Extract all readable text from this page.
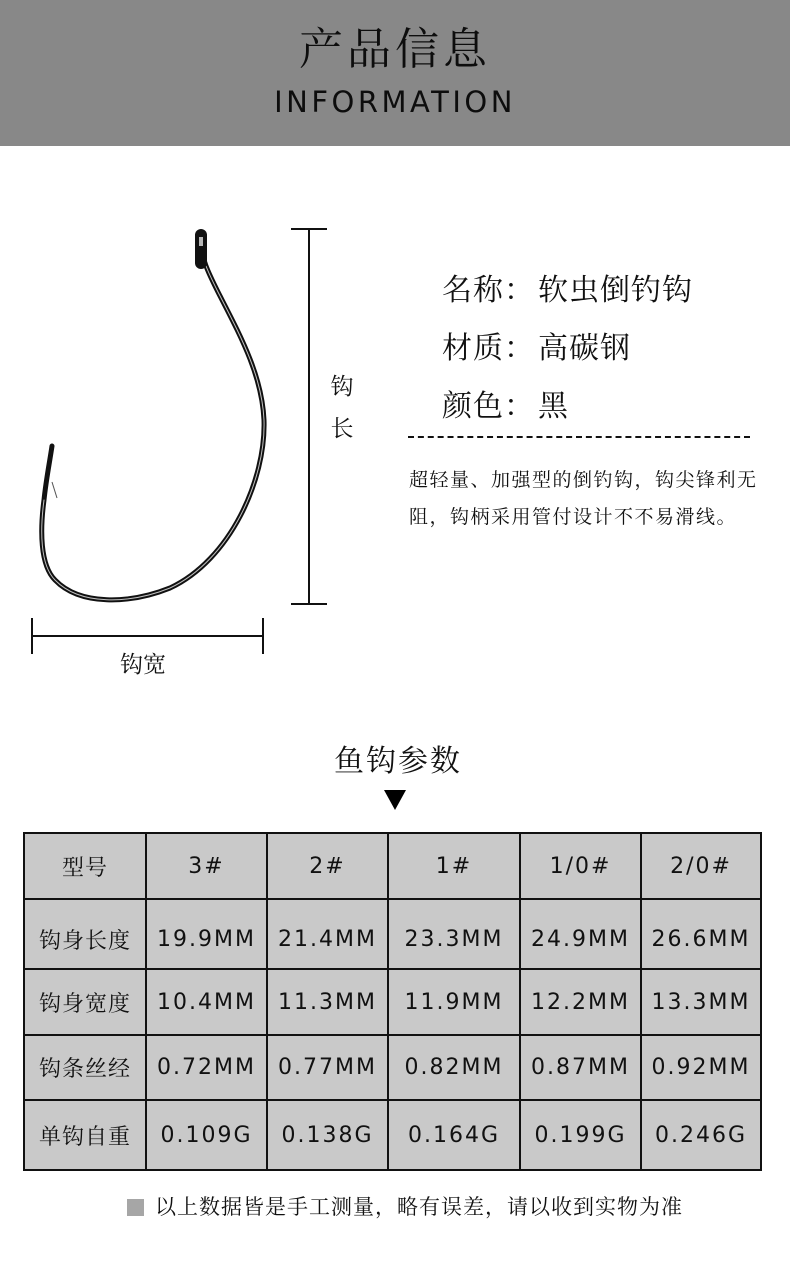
产品信息
INFORMATION
钩
长
钩宽
名称： 软虫倒钓钩
材质： 高碳钢
颜色： 黑
超轻量、加强型的倒钓钩，钩尖锋利无阻，钩柄采用管付设计不不易滑线。
鱼钩参数
型号	3#	2#	1#	1/0#	2/0#
钩身长度	19.9MM	21.4MM	23.3MM	24.9MM	26.6MM
钩身宽度	10.4MM	11.3MM	11.9MM	12.2MM	13.3MM
钩条丝经	0.72MM	0.77MM	0.82MM	0.87MM	0.92MM
单钩自重	0.109G	0.138G	0.164G	0.199G	0.246G
以上数据皆是手工测量，略有误差，请以收到实物为准
